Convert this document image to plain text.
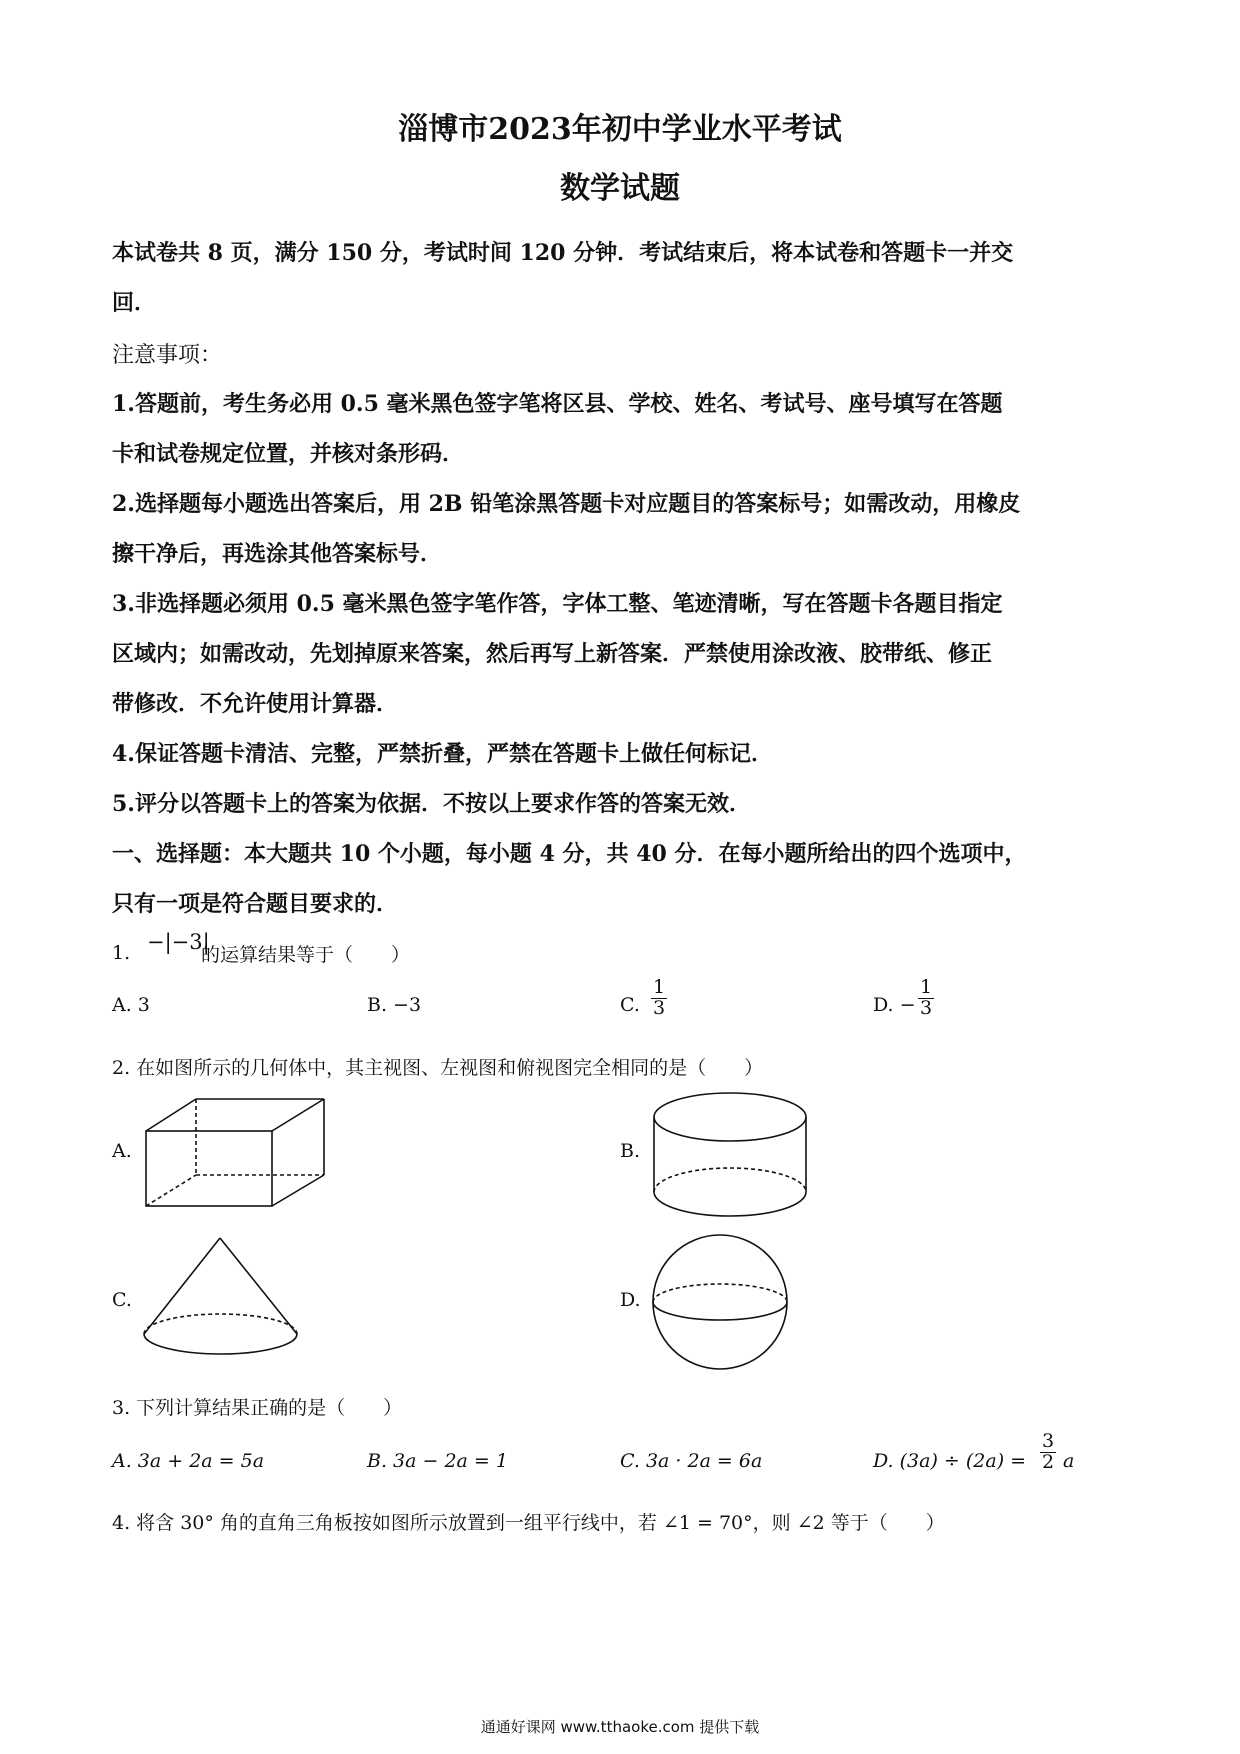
淄博市2023年初中学业水平考试
数学试题
本试卷共 8 页，满分 150 分，考试时间 120 分钟．考试结束后，将本试卷和答题卡一并交
回．
注意事项：
1.答题前，考生务必用 0.5 毫米黑色签字笔将区县、学校、姓名、考试号、座号填写在答题
卡和试卷规定位置，并核对条形码．
2.选择题每小题选出答案后，用 2B 铅笔涂黑答题卡对应题目的答案标号；如需改动，用橡皮
擦干净后，再选涂其他答案标号．
3.非选择题必须用 0.5 毫米黑色签字笔作答，字体工整、笔迹清晰，写在答题卡各题目指定
区域内；如需改动，先划掉原来答案，然后再写上新答案．严禁使用涂改液、胶带纸、修正
带修改．不允许使用计算器．
4.保证答题卡清洁、完整，严禁折叠，严禁在答题卡上做任何标记．
5.评分以答题卡上的答案为依据．不按以上要求作答的答案无效．
一、选择题：本大题共 10 个小题，每小题 4 分，共 40 分．在每小题所给出的四个选项中，
只有一项是符合题目要求的．
1. −|−3|
的运算结果等于（　　）
A. 3	B. −3	C. $\frac{1}{3}$	D. − $\frac{1}{3}$
2. 在如图所示的几何体中，其主视图、左视图和俯视图完全相同的是（　　）
A.	B.
C.	D.
3. 下列计算结果正确的是（　　）
A. 3a + 2a = 5a	B. 3a − 2a = 1	C. 3a · 2a = 6a	D. $(3a) \div (2a) = \frac{3}{2}$ a
4. 将含 30° 角的直角三角板按如图所示放置到一组平行线中，若 ∠1 = 70°，则 ∠2 等于（　　）
通通好课网 www.tthaoke.com 提供下载
